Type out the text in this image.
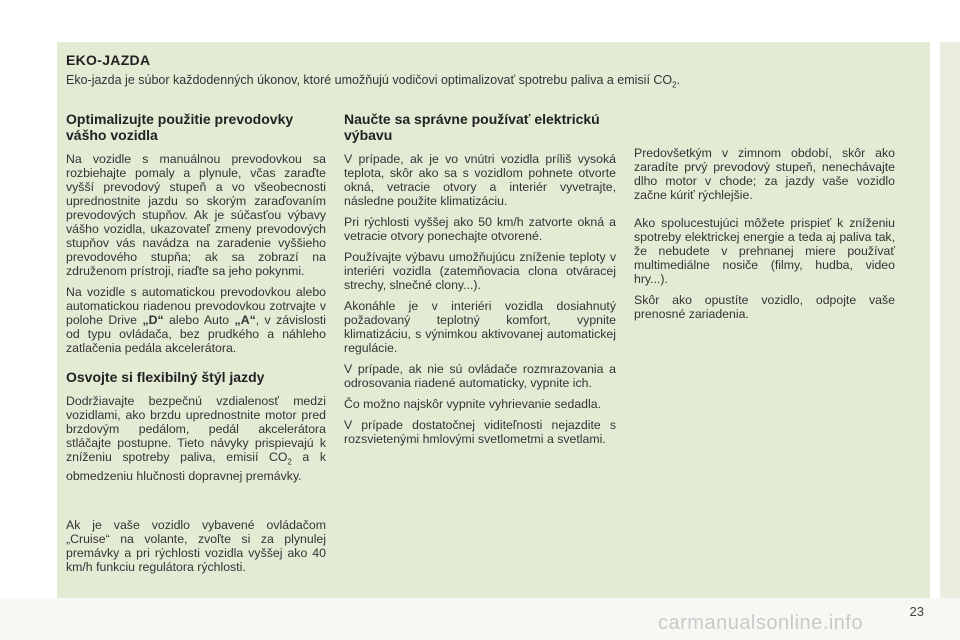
EKO-JAZDA
Eko-jazda je súbor každodenných úkonov, ktoré umožňujú vodičovi optimalizovať spotrebu paliva a emisií $CO_2$.
Optimalizujte použitie prevodovky vášho vozidla

Na vozidle s manuálnou prevodovkou sa rozbiehajte pomaly a plynule, včas zaraďte vyšší prevodový stupeň a vo všeobecnosti uprednostnite jazdu so skorým zaraďovaním prevodových stupňov. Ak je súčasťou výbavy vášho vozidla, ukazovateľ zmeny prevodových stupňov vás navádza na zaradenie vyššieho prevodového stupňa; ak sa zobrazí na združenom prístroji, riaďte sa jeho pokynmi.

Na vozidle s automatickou prevodovkou alebo automatickou riadenou prevodovkou zotrvajte v polohe Drive „D“ alebo Auto „A“, v závislosti od typu ovládača, bez prudkého a náhleho zatlačenia pedála akcelerátora.

Osvojte si flexibilný štýl jazdy

Dodržiavajte bezpečnú vzdialenosť medzi vozidlami, ako brzdu uprednostnite motor pred brzdovým pedálom, pedál akcelerátora stláčajte postupne. Tieto návyky prispievajú k zníženiu spotreby paliva, emisií $CO_2$ a k obmedzeniu hlučnosti dopravnej premávky.

Ak je vaše vozidlo vybavené ovládačom „Cruise“ na volante, zvoľte si za plynulej premávky a pri rýchlosti vozidla vyššej ako 40 km/h funkciu regulátora rýchlosti.

Naučte sa správne používať elektrickú výbavu

V prípade, ak je vo vnútri vozidla príliš vysoká teplota, skôr ako sa s vozidlom pohnete otvorte okná, vetracie otvory a interiér vyvetrajte, následne použite klimatizáciu.

Pri rýchlosti vyššej ako 50 km/h zatvorte okná a vetracie otvory ponechajte otvorené.

Používajte výbavu umožňujúcu zníženie teploty v interiéri vozidla (zatemňovacia clona otváracej strechy, slnečné clony...).

Akonáhle je v interiéri vozidla dosiahnutý požadovaný teplotný komfort, vypnite klimatizáciu, s výnimkou aktivovanej automatickej regulácie.

V prípade, ak nie sú ovládače rozmrazovania a odrosovania riadené automaticky, vypnite ich.

Čo možno najskôr vypnite vyhrievanie sedadla.

V prípade dostatočnej viditeľnosti nejazdite s rozsvietenými hmlovými svetlometmi a svetlami.

Predovšetkým v zimnom období, skôr ako zaradíte prvý prevodový stupeň, nenechávajte dlho motor v chode; za jazdy vaše vozidlo začne kúriť rýchlejšie.

Ako spolucestujúci môžete prispieť k zníženiu spotreby elektrickej energie a teda aj paliva tak, že nebudete v prehnanej miere používať multimediálne nosiče (filmy, hudba, video hry...).

Skôr ako opustíte vozidlo, odpojte vaše prenosné zariadenia.

23
carmanualsonline.info
